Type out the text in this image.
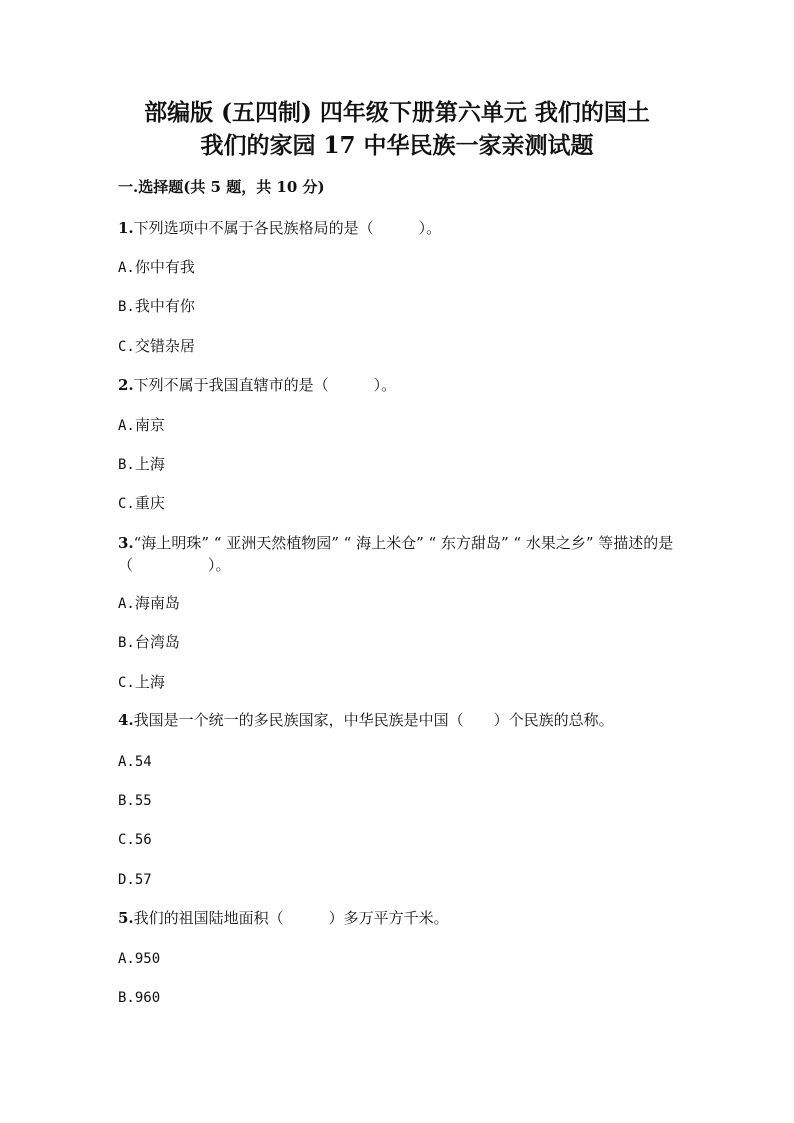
部编版 (五四制) 四年级下册第六单元 我们的国土
我们的家园 17 中华民族一家亲测试题
一.选择题(共 5 题，共 10 分)
1.下列选项中不属于各民族格局的是（　　　）。
A.你中有我
B.我中有你
C.交错杂居
2.下列不属于我国直辖市的是（　　　）。
A.南京
B.上海
C.重庆
3.“海上明珠” “ 亚洲天然植物园” “ 海上米仓” “ 东方甜岛” “ 水果之乡” 等描述的是（　　　　　）。
A.海南岛
B.台湾岛
C.上海
4.我国是一个统一的多民族国家，中华民族是中国（　　）个民族的总称。
A.54
B.55
C.56
D.57
5.我们的祖国陆地面积（　　　）多万平方千米。
A.950
B.960
